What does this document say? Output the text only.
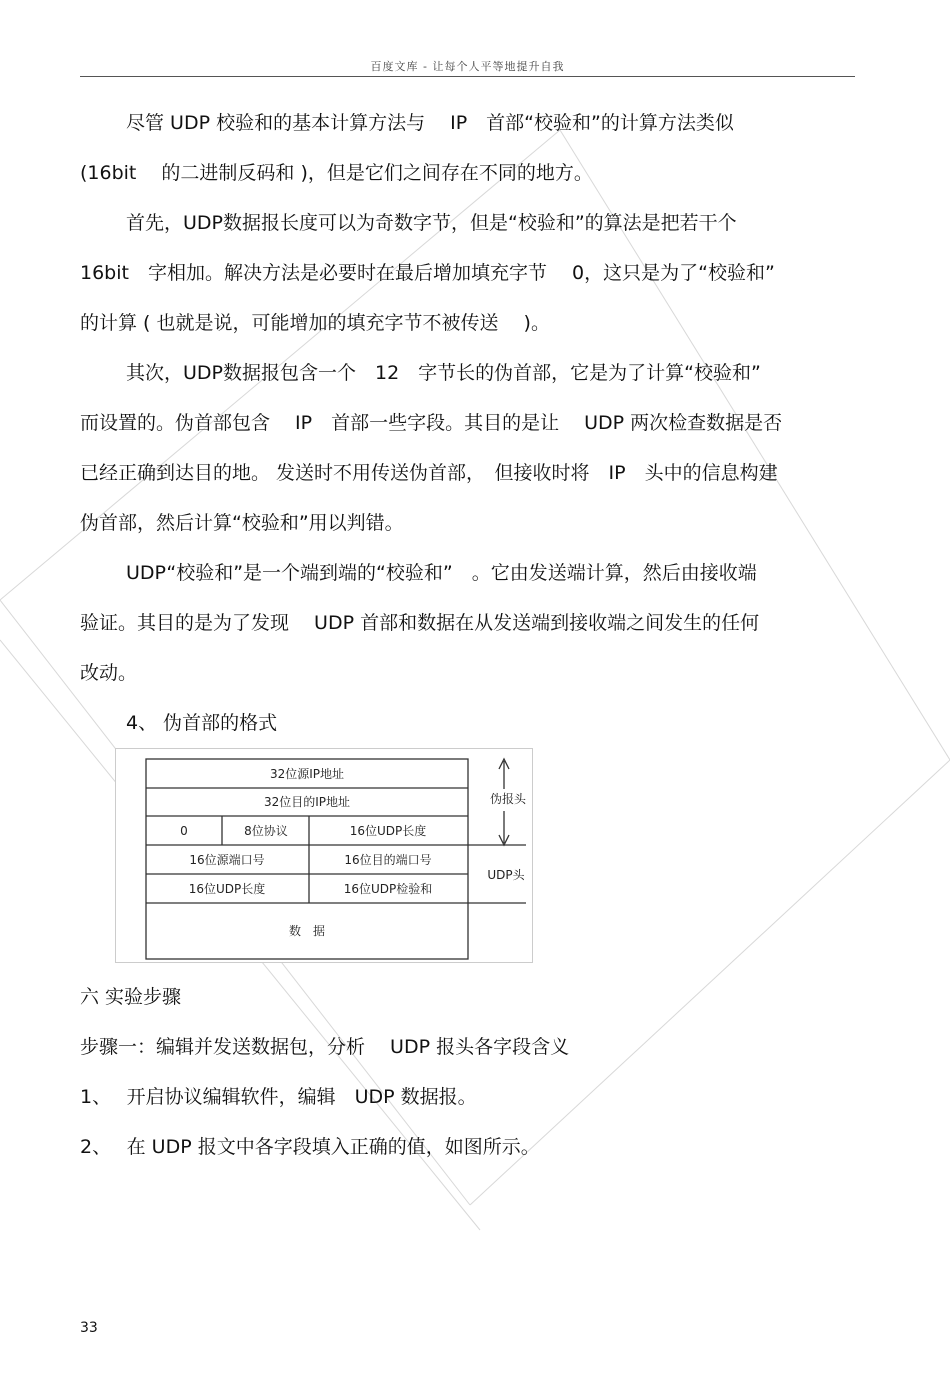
百度文库 - 让每个人平等地提升自我

尽管 UDP 校验和的基本计算方法与　 IP　首部“校验和”的计算方法类似

(16bit　 的二进制反码和 )，但是它们之间存在不同的地方。

首先，UDP数据报长度可以为奇数字节，但是“校验和”的算法是把若干个

16bit　字相加。解决方法是必要时在最后增加填充字节　 0，这只是为了“校验和”

的计算 ( 也就是说，可能增加的填充字节不被传送　 )。

其次，UDP数据报包含一个　12　字节长的伪首部，它是为了计算“校验和”

而设置的。伪首部包含　 IP　首部一些字段。其目的是让　 UDP 两次检查数据是否

已经正确到达目的地。 发送时不用传送伪首部，　但接收时将　IP　头中的信息构建

伪首部，然后计算“校验和”用以判错。

UDP“校验和”是一个端到端的“校验和”　。它由发送端计算，然后由接收端

验证。其目的是为了发现　 UDP 首部和数据在从发送端到接收端之间发生的任何

改动。

4、 伪首部的格式

32位源IP地址
32位目的IP地址
0	8位协议	16位UDP长度
16位源端口号	16位目的端口号
16位UDP长度	16位UDP检验和
数　据
伪报头
UDP头

六 实验步骤

步骤一：编辑并发送数据包，分析　 UDP 报头各字段含义

1、　 开启协议编辑软件，编辑　UDP 数据报。

2、　 在 UDP 报文中各字段填入正确的值，如图所示。

33
